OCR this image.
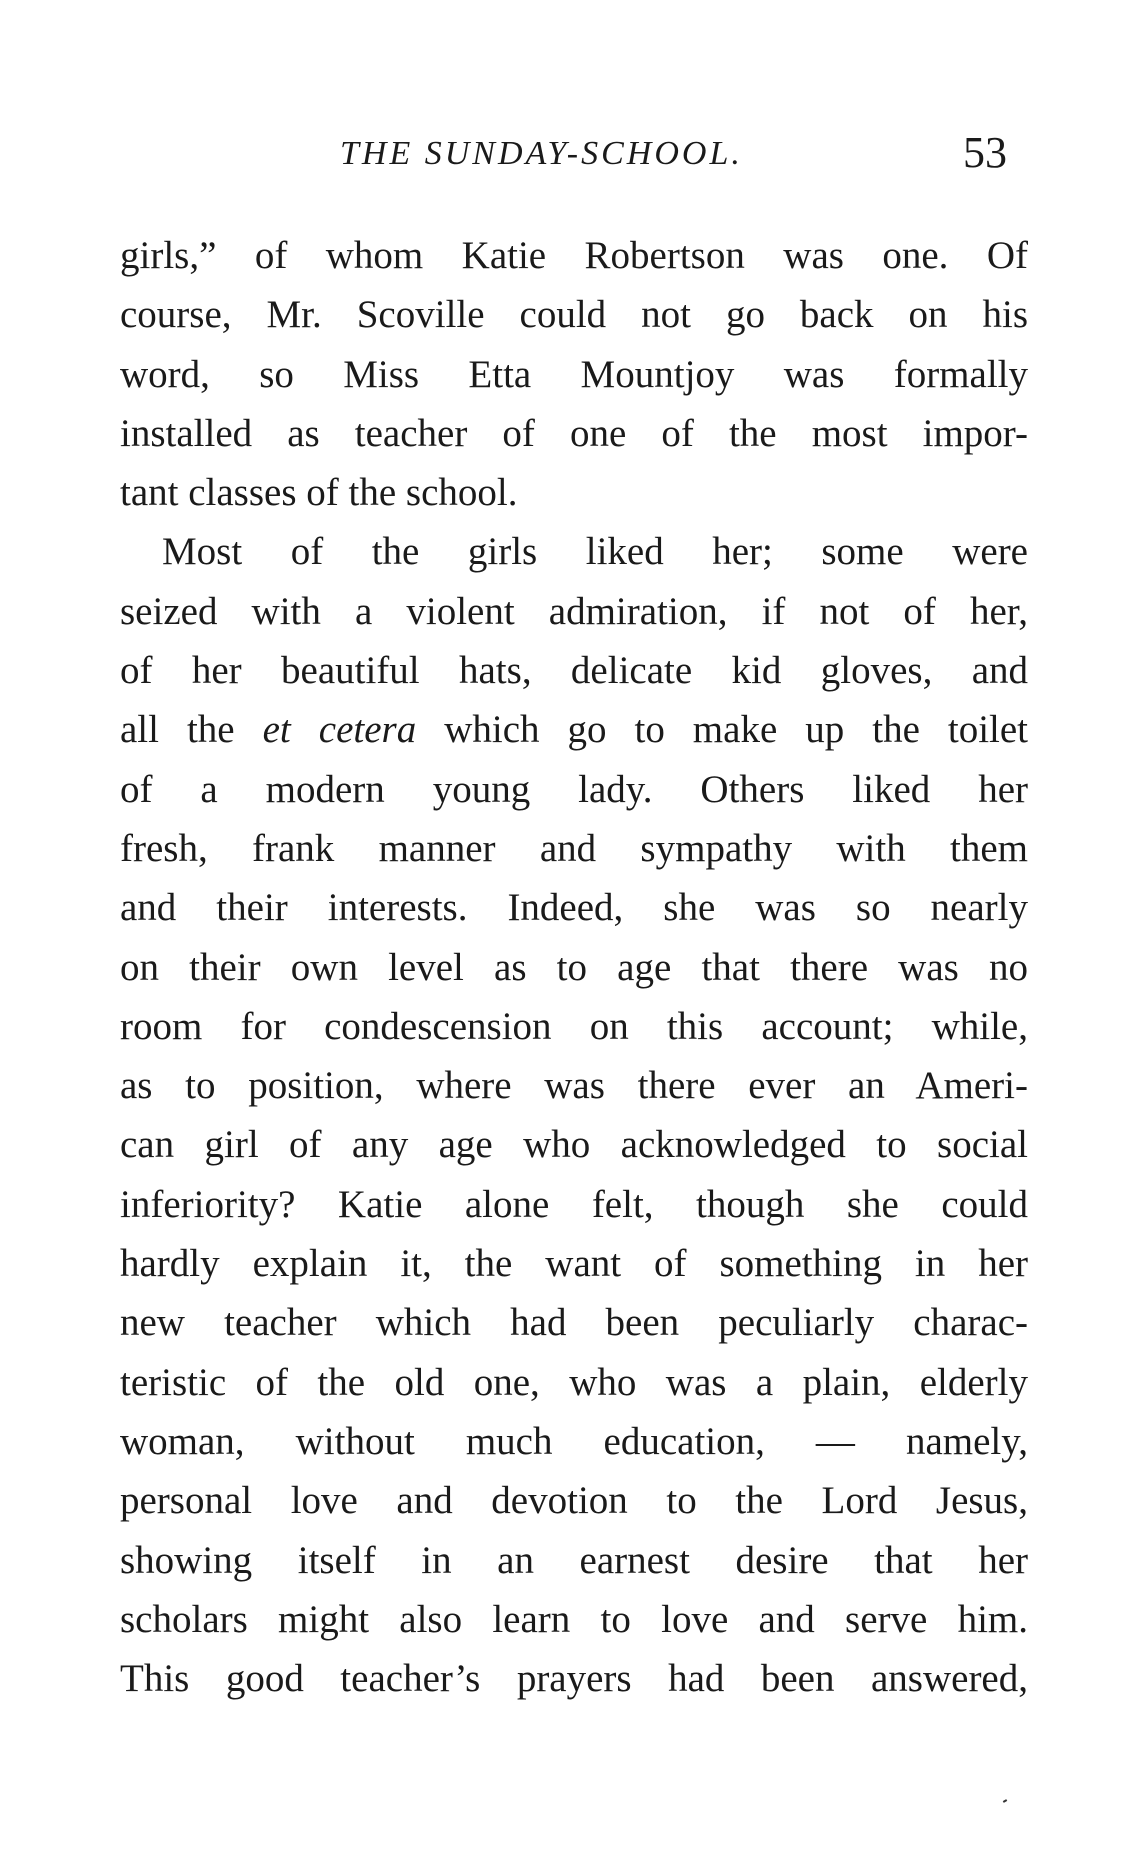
THE SUNDAY-SCHOOL.	53
girls,” of whom Katie Robertson was one. Of
course, Mr. Scoville could not go back on his
word, so Miss Etta Mountjoy was formally
installed as teacher of one of the most impor-
tant classes of the school.
Most of the girls liked her; some were
seized with a violent admiration, if not of her,
of her beautiful hats, delicate kid gloves, and
all the et cetera which go to make up the toilet
of a modern young lady. Others liked her
fresh, frank manner and sympathy with them
and their interests. Indeed, she was so nearly
on their own level as to age that there was no
room for condescension on this account; while,
as to position, where was there ever an Ameri-
can girl of any age who acknowledged to social
inferiority? Katie alone felt, though she could
hardly explain it, the want of something in her
new teacher which had been peculiarly charac-
teristic of the old one, who was a plain, elderly
woman, without much education, — namely,
personal love and devotion to the Lord Jesus,
showing itself in an earnest desire that her
scholars might also learn to love and serve him.
This good teacher’s prayers had been answered,
